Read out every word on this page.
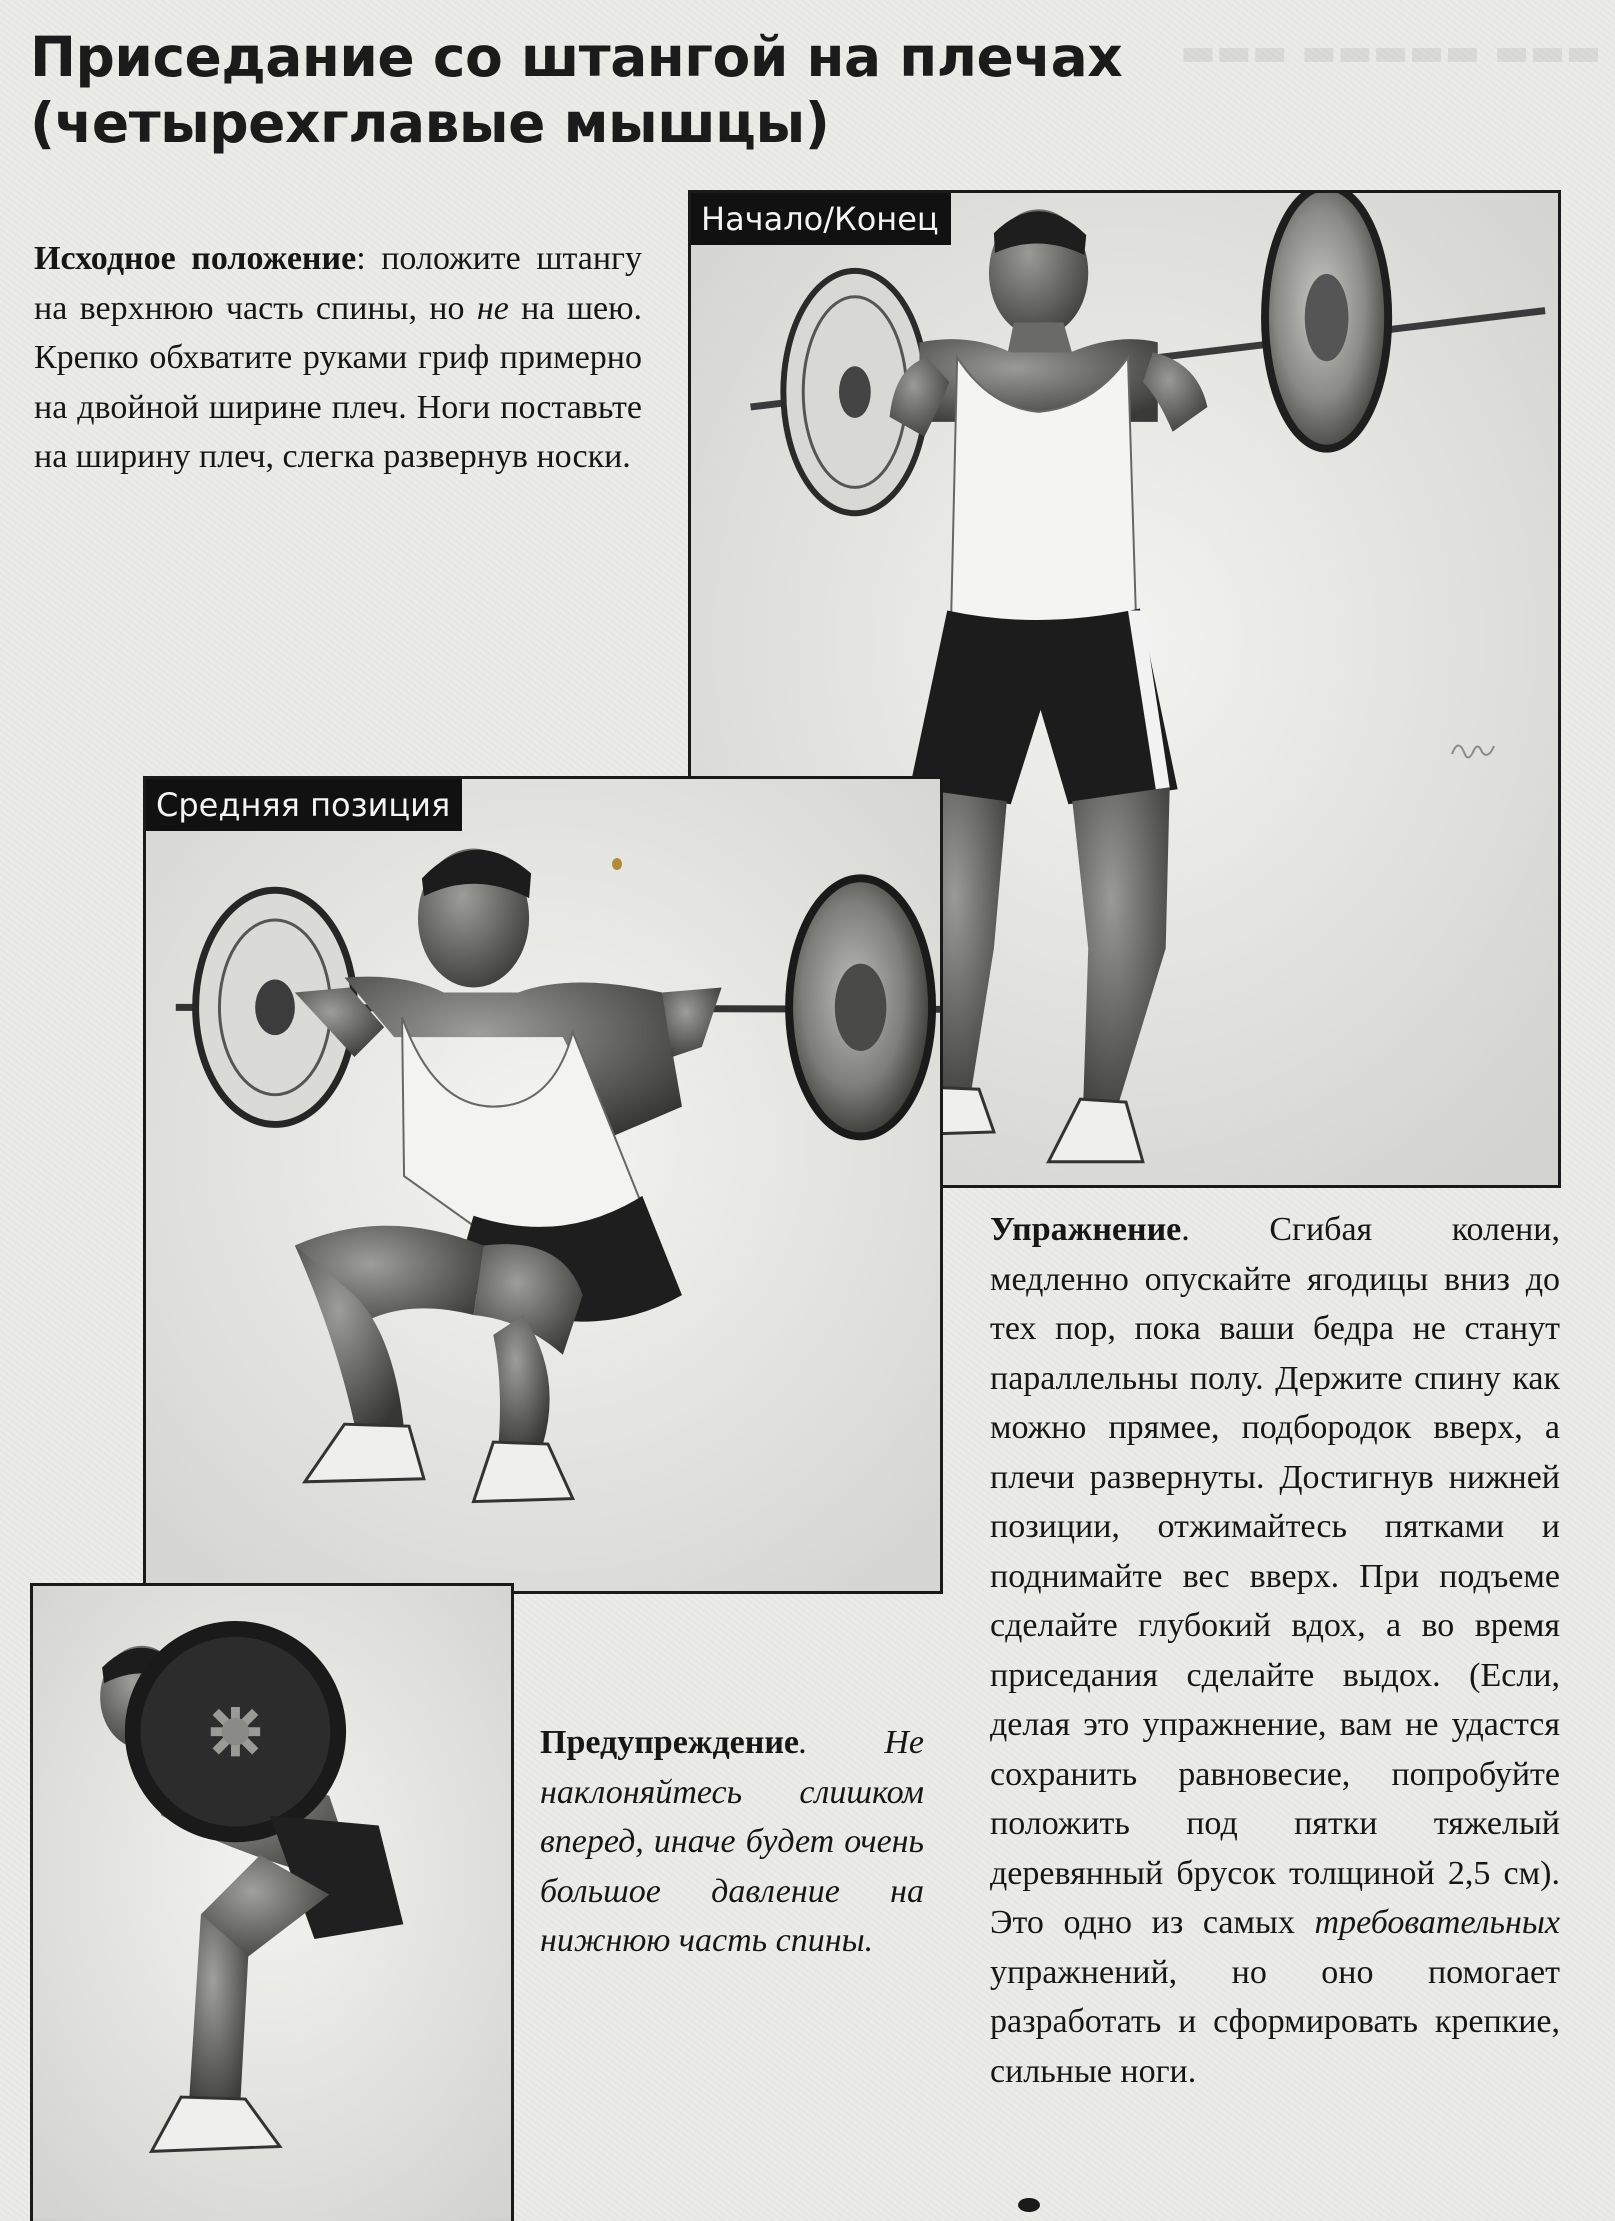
▬▬▬ ▬▬▬▬▬ ▬▬▬
Приседание со штангой на плечах
(четырехглавые мышцы)

Исходное положение: положите штангу на верхнюю часть спины, но не на шею. Крепко обхватите руками гриф примерно на двойной ширине плеч. Ноги поставьте на ширину плеч, слегка развернув носки.

Начало/Конец
Средняя позиция

Предупреждение. Не наклоняйтесь слишком вперед, иначе будет очень большое давление на нижнюю часть спины.

Упражнение. Сгибая колени, медленно опускайте ягодицы вниз до тех пор, пока ваши бедра не станут параллельны полу. Держите спину как можно прямее, подбородок вверх, а плечи развернуты. Достигнув нижней позиции, отжимайтесь пятками и поднимайте вес вверх. При подъеме сделайте глубокий вдох, а во время приседания сделайте выдох. (Если, делая это упражнение, вам не удастся сохранить равновесие, попробуйте положить под пятки тяжелый деревянный брусок толщиной 2,5 см). Это одно из самых требовательных упражнений, но оно помогает разработать и сформировать крепкие, сильные ноги.
